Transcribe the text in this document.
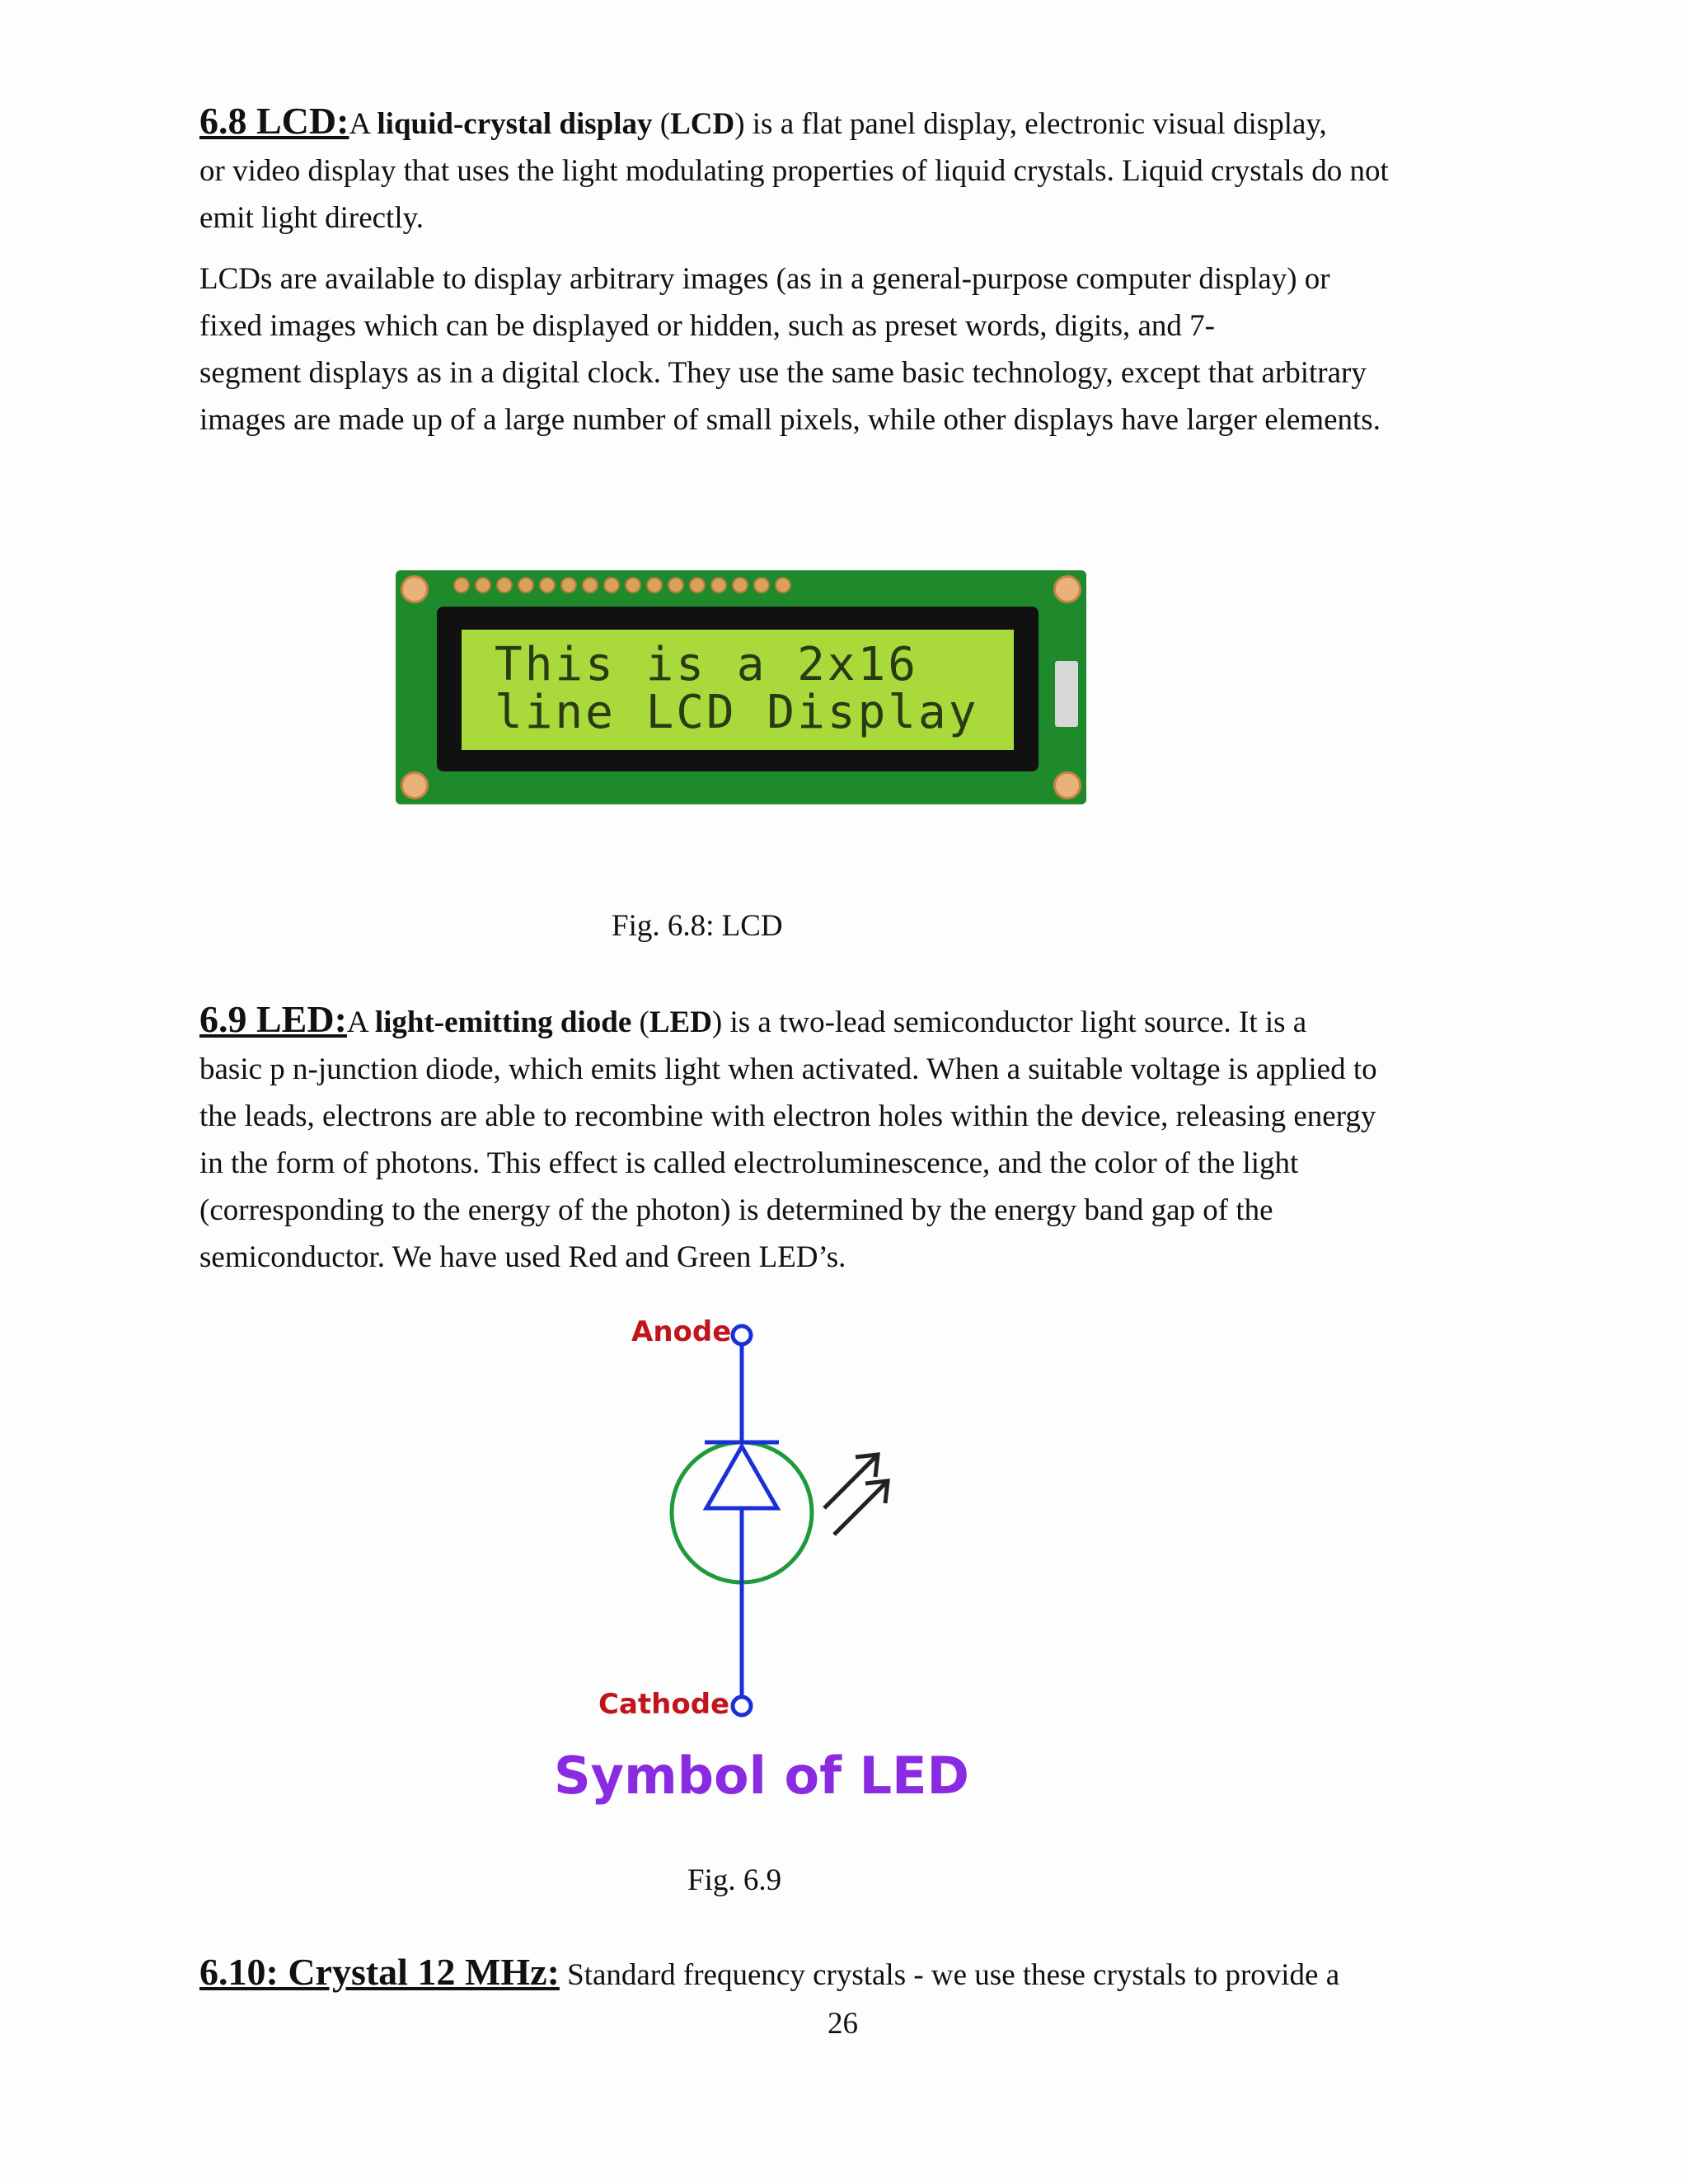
6.8 LCD:A liquid-crystal display (LCD) is a flat panel display, electronic visual display,
or video display that uses the light modulating properties of liquid crystals. Liquid crystals do not
emit light directly.

LCDs are available to display arbitrary images (as in a general-purpose computer display) or
fixed images which can be displayed or hidden, such as preset words, digits, and 7-
segment displays as in a digital clock. They use the same basic technology, except that arbitrary
images are made up of a large number of small pixels, while other displays have larger elements.

This is a 2x16
line LCD Display

Fig. 6.8: LCD

6.9 LED:A light-emitting diode (LED) is a two-lead semiconductor light source. It is a
basic p n-junction diode, which emits light when activated. When a suitable voltage is applied to
the leads, electrons are able to recombine with electron holes within the device, releasing energy
in the form of photons. This effect is called electroluminescence, and the color of the light
(corresponding to the energy of the photon) is determined by the energy band gap of the
semiconductor. We have used Red and Green LED’s.

Anode

Cathode

Symbol of LED

Fig. 6.9

6.10: Crystal 12 MHz: Standard frequency crystals - we use these crystals to provide a

26
